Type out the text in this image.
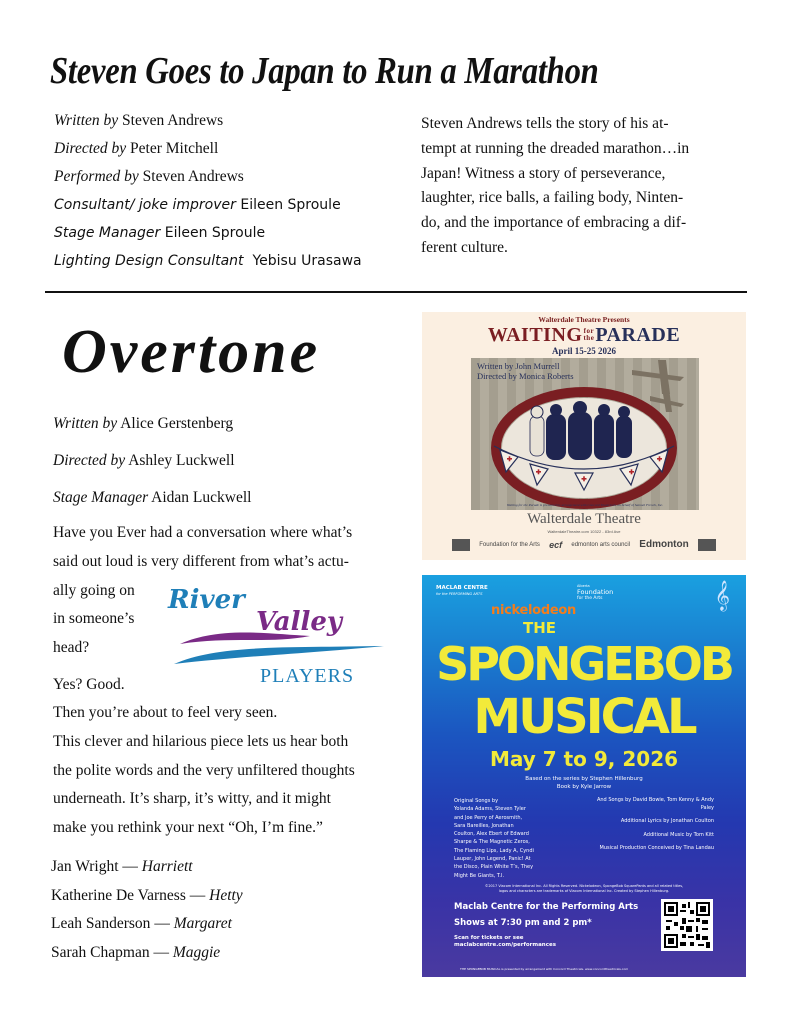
Steven Goes to Japan to Run a Marathon
Written by Steven Andrews
Directed by Peter Mitchell
Performed by Steven Andrews
Consultant/ joke improver Eileen Sproule
Stage Manager Eileen Sproule
Lighting Design Consultant Yebisu Urasawa
Steven Andrews tells the story of his at-
tempt at running the dreaded marathon…in
Japan! Witness a story of perseverance,
laughter, rice balls, a failing body, Ninten-
do, and the importance of embracing a dif-
ferent culture.
Overtone
Written by Alice Gerstenberg
Directed by Ashley Luckwell
Stage Manager Aidan Luckwell
Have you Ever had a conversation where what’s
said out loud is very different from what’s actu-
ally going on
in someone’s
head?
Yes? Good.
Then you’re about to feel very seen.
This clever and hilarious piece lets us hear both
the polite words and the very unfiltered thoughts
underneath. It’s sharp, it’s witty, and it might
make you rethink your next “Oh, I’m fine.”
River
Valley
PLAYERS
Jan Wright — Harriett
Katherine De Varness — Hetty
Leah Sanderson — Margaret
Sarah Chapman — Maggie
Walterdale Theatre Presents
WAITING for
the PARADE
April 15-25 2026
Written by John Murrell
Directed by Monica Roberts
Waiting for the Parade is presented by arrangement with Concord Theatricals on behalf of Samuel French, Inc.
Walterdale Theatre
WalterdaleTheatre.com 10322 - 83rd Ave
Foundation for the Arts ecf edmonton arts council Edmonton
MACLAB CENTRE
for the PERFORMING ARTS
Alberta
Foundation
for the Arts	𝄞
nickelodeon
THE
SPONGEBOB
MUSICAL
May 7 to 9, 2026
Based on the series by Stephen Hillenburg
Book by Kyle Jarrow
Original Songs by
Yolanda Adams, Steven Tyler
and Joe Perry of Aerosmith,
Sara Bareilles, Jonathan
Coulton, Alex Ebert of Edward
Sharpe & The Magnetic Zeros,
The Flaming Lips, Lady A, Cyndi
Lauper, John Legend, Panic! At
the Disco, Plain White T’s, They
Might Be Giants, T.I.
And Songs by David Bowie, Tom Kenny & Andy Paley
Additional Lyrics by Jonathan Coulton
Additional Music by Tom Kitt
Musical Production Conceived by Tina Landau
©2017 Viacom International Inc. All Rights Reserved. Nickelodeon, SpongeBob SquarePants and all related titles, logos and characters are trademarks of Viacom International Inc. Created by Stephen Hillenburg.
Maclab Centre for the Performing Arts
Shows at 7:30 pm and 2 pm*
Scan for tickets or see
maclabcentre.com/performances
THE SPONGEBOB MUSICAL is presented by arrangement with Concord Theatricals. www.concordtheatricals.com
